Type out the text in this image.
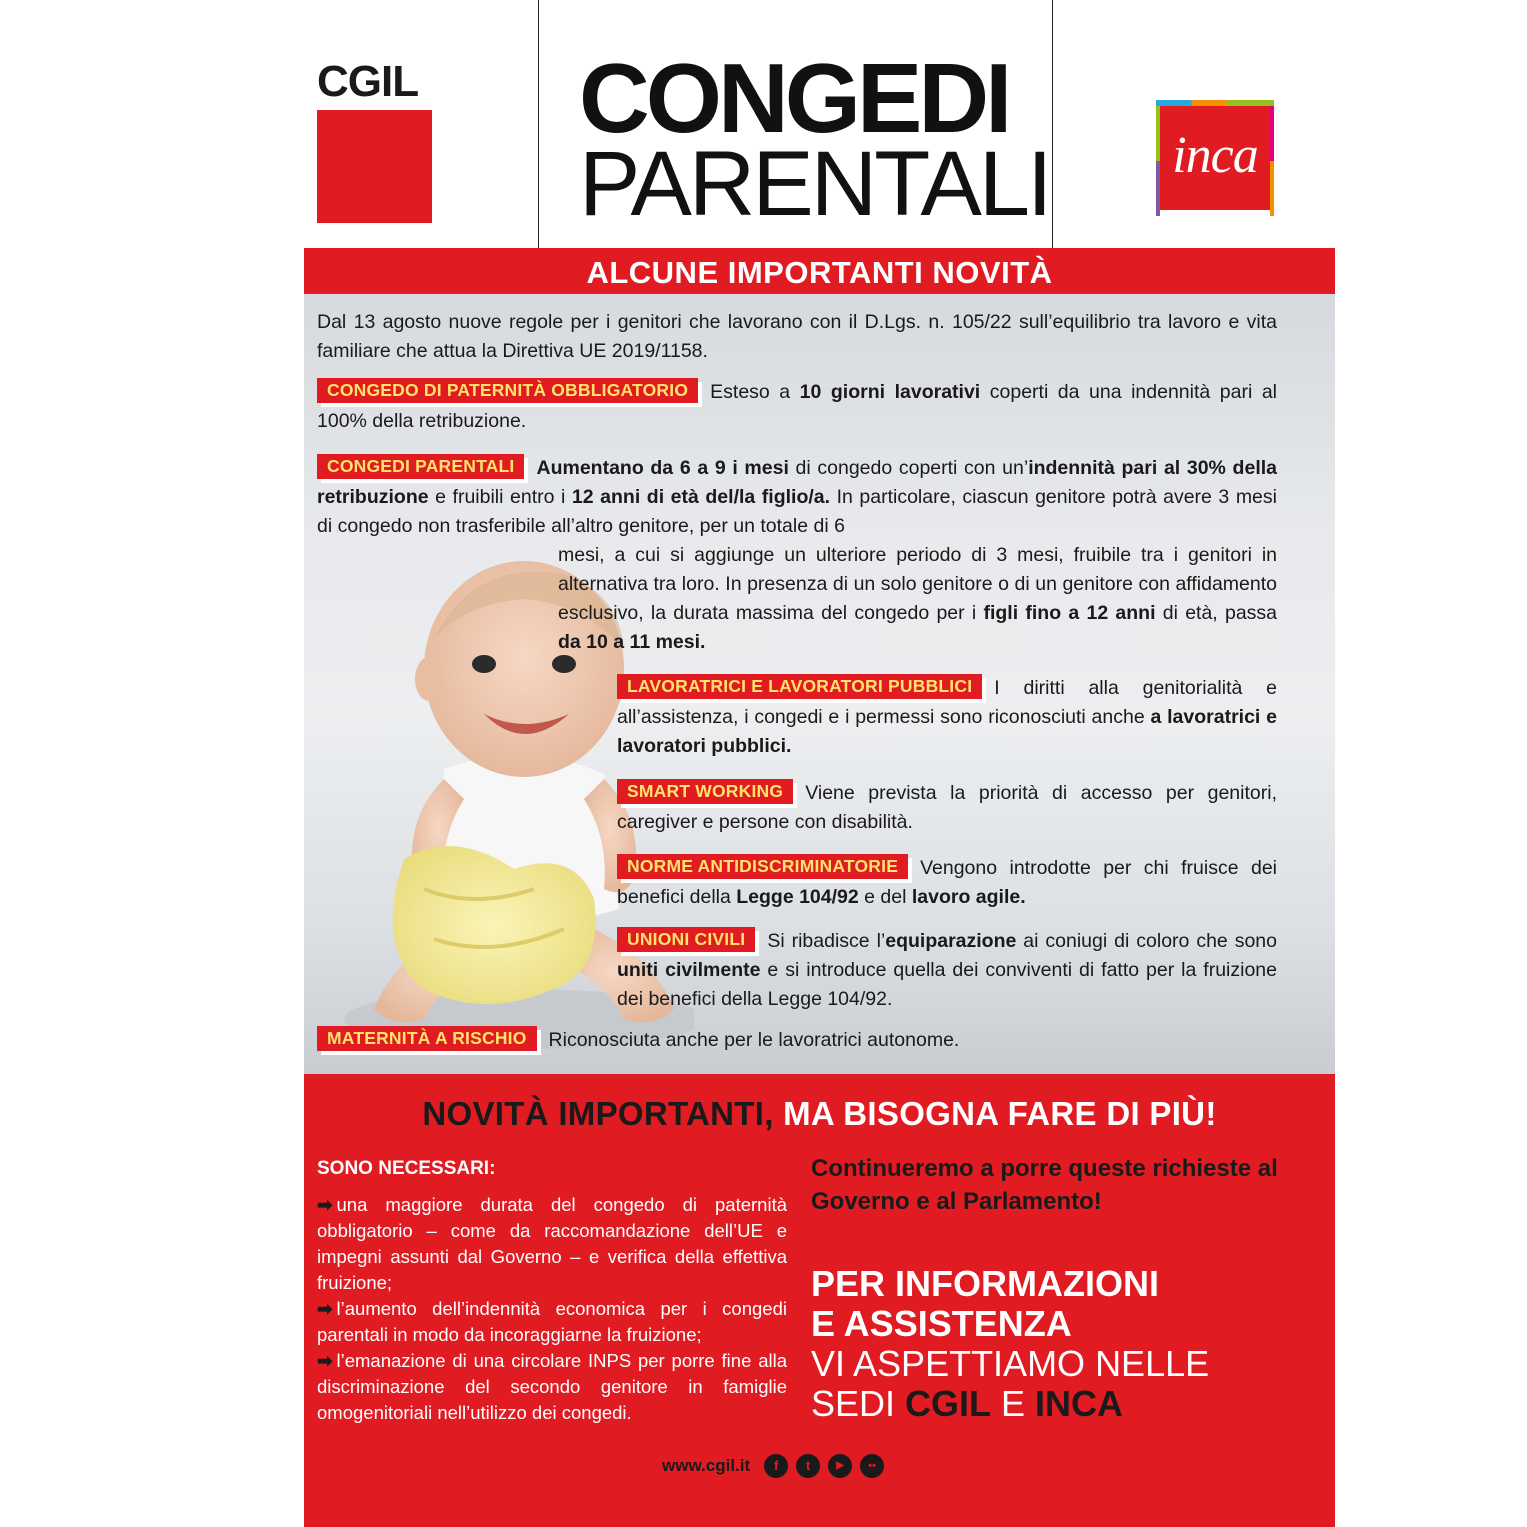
CGIL CONGEDI
PARENTALI inca
ALCUNE IMPORTANTI NOVITÀ
Dal 13 agosto nuove regole per i genitori che lavorano con il D.Lgs. n. 105/22 sull’equilibrio tra lavoro e vita familiare che attua la Direttiva UE 2019/1158.
CONGEDO DI PATERNITÀ OBBLIGATORIO Esteso a 10 giorni lavorativi coperti da una indennità pari al 100% della retribuzione.
CONGEDI PARENTALI Aumentano da 6 a 9 i mesi di congedo coperti con un’indennità pari al 30% della retribuzione e fruibili entro i 12 anni di età del/la figlio/a. In particolare, ciascun genitore potrà avere 3 mesi di congedo non trasferibile all’altro genitore, per un totale di 6
mesi, a cui si aggiunge un ulteriore periodo di 3 mesi, fruibile tra i genitori in alternativa tra loro. In presenza di un solo genitore o di un genitore con affidamento esclusivo, la durata massima del congedo per i figli fino a 12 anni di età, passa da 10 a 11 mesi.
LAVORATRICI E LAVORATORI PUBBLICI I diritti alla genitorialità e all’assistenza, i congedi e i permessi sono riconosciuti anche a lavoratrici e lavoratori pubblici.
SMART WORKING Viene prevista la priorità di accesso per genitori, caregiver e persone con disabilità.
NORME ANTIDISCRIMINATORIE Vengono introdotte per chi fruisce dei benefici della Legge 104/92 e del lavoro agile.
UNIONI CIVILI Si ribadisce l’equiparazione ai coniugi di coloro che sono uniti civilmente e si introduce quella dei conviventi di fatto per la fruizione dei benefici della Legge 104/92.
MATERNITÀ A RISCHIO Riconosciuta anche per le lavoratrici autonome.
NOVITÀ IMPORTANTI, MA BISOGNA FARE DI PIÙ!
SONO NECESSARI:
➡ una maggiore durata del congedo di paternità obbligatorio – come da raccomandazione dell’UE e impegni assunti dal Governo – e verifica della effettiva fruizione;
➡ l’aumento dell’indennità economica per i congedi parentali in modo da incoraggiarne la fruizione;
➡ l’emanazione di una circolare INPS per porre fine alla discriminazione del secondo genitore in famiglie omogenitoriali nell’utilizzo dei congedi.
Continueremo a porre queste richieste al Governo e al Parlamento!
PER INFORMAZIONI
E ASSISTENZA
VI ASPETTIAMO NELLE
SEDI CGIL E INCA
www.cgil.it	f	t	▶	••
